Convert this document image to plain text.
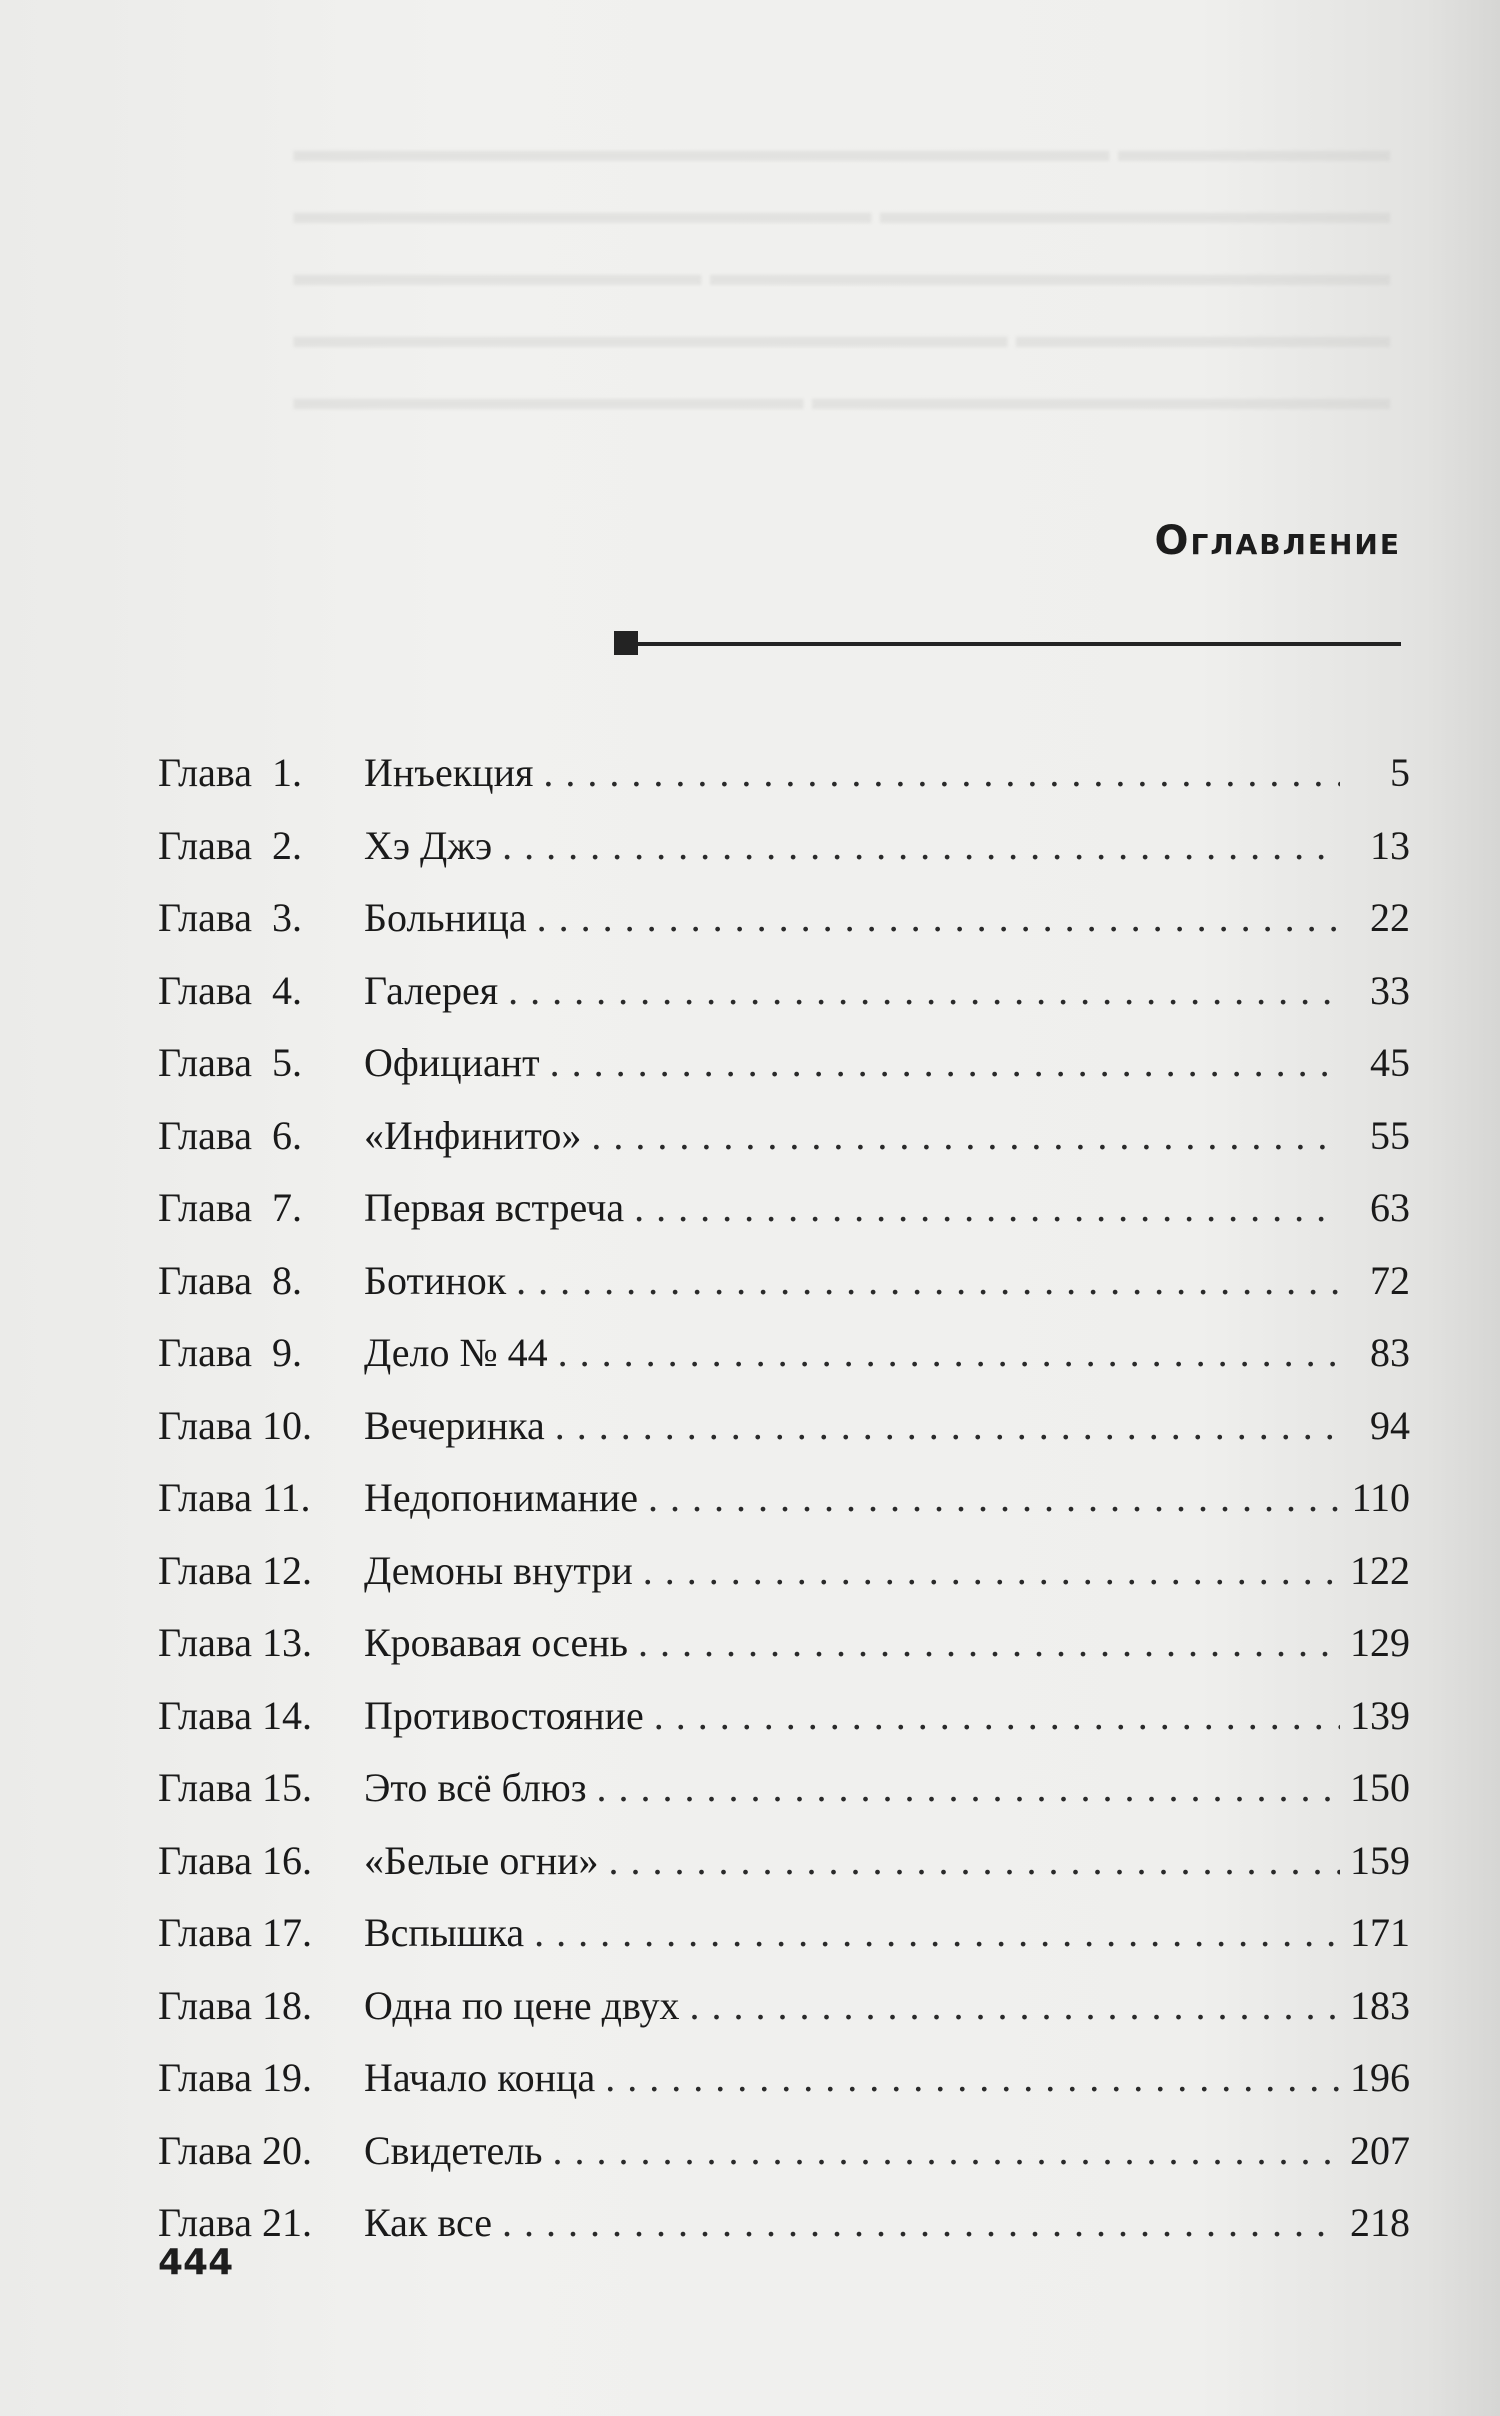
▬▬▬▬▬▬▬▬ ▬▬▬▬▬▬▬▬▬▬▬▬▬▬▬▬▬▬▬▬▬▬▬▬
▬▬▬▬▬▬▬▬▬▬▬▬▬▬▬ ▬▬▬▬▬▬▬▬▬▬▬▬▬▬▬▬▬
▬▬▬▬▬▬▬▬▬▬▬▬▬▬▬▬▬▬▬▬ ▬▬▬▬▬▬▬▬▬▬▬▬
▬▬▬▬▬▬▬▬▬▬▬ ▬▬▬▬▬▬▬▬▬▬▬▬▬▬▬▬▬▬▬▬▬
▬▬▬▬▬▬▬▬▬▬▬▬▬▬▬▬▬ ▬▬▬▬▬▬▬▬▬▬▬▬▬▬▬
Оглавление
Глава  1.	Инъекция . . .	5
Глава  2.	Хэ Джэ . . .	13
Глава  3.	Больница . . .	22
Глава  4.	Галерея . . .	33
Глава  5.	Официант . . .	45
Глава  6.	«Инфинито» . . .	55
Глава  7.	Первая встреча . . .	63
Глава  8.	Ботинок . . .	72
Глава  9.	Дело № 44 . . .	83
Глава 10.	Вечеринка . . .	94
Глава 11.	Недопонимание . . .	110
Глава 12.	Демоны внутри . . .	122
Глава 13.	Кровавая осень . . .	129
Глава 14.	Противостояние . . .	139
Глава 15.	Это всё блюз . . .	150
Глава 16.	«Белые огни» . . .	159
Глава 17.	Вспышка . . .	171
Глава 18.	Одна по цене двух . . .	183
Глава 19.	Начало конца . . .	196
Глава 20.	Свидетель . . .	207
Глава 21.	Как все . . .	218
444
